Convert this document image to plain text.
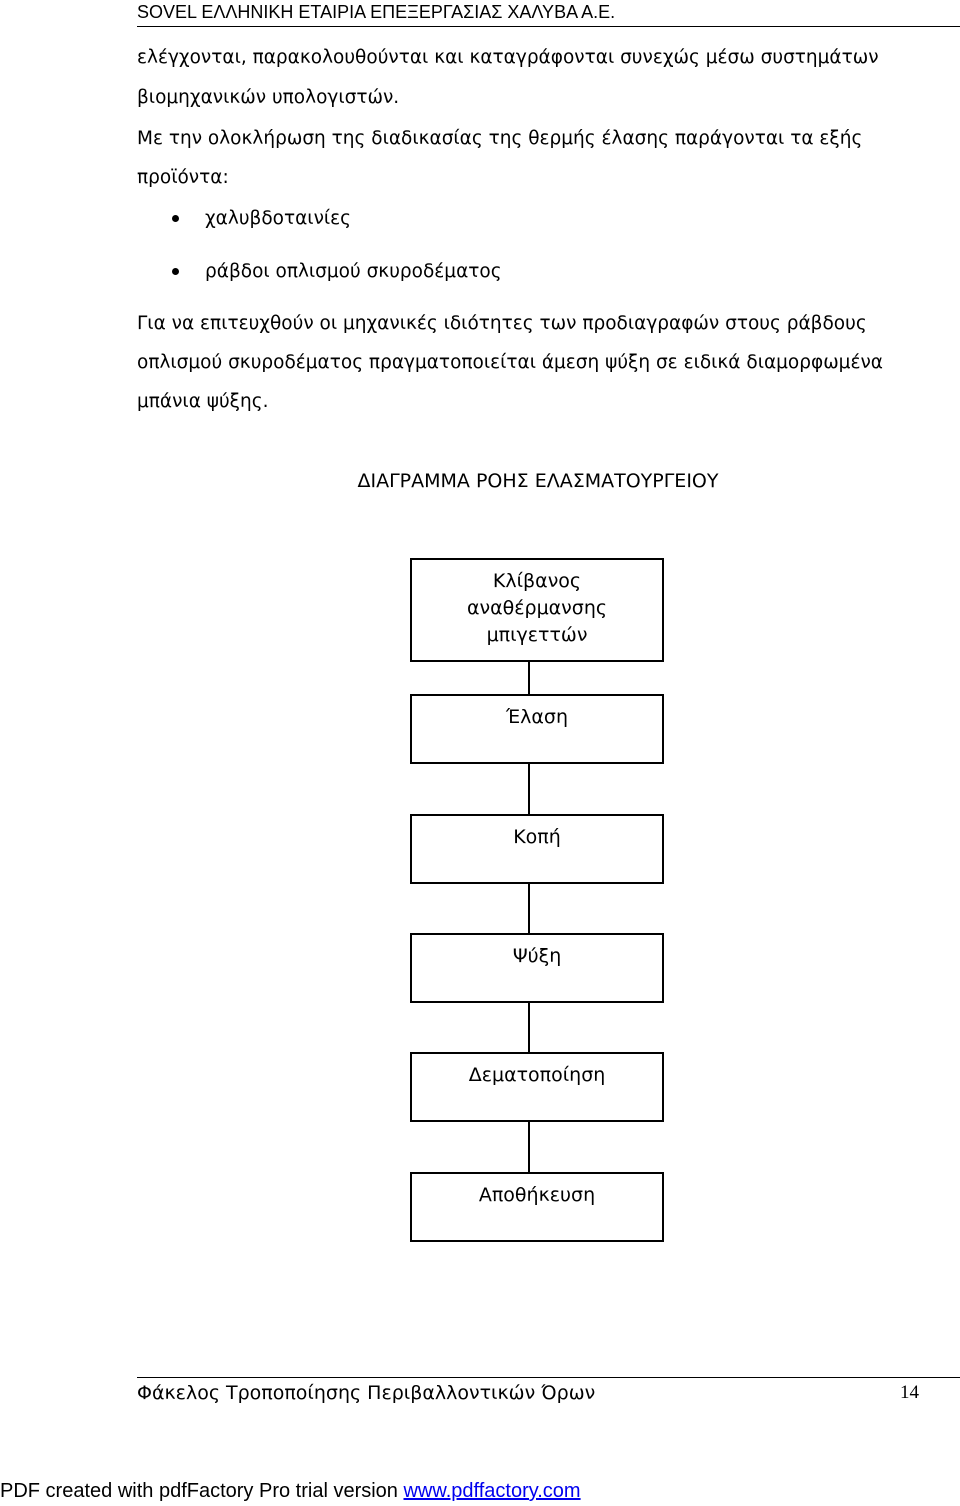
SOVEL ΕΛΛΗΝΙΚΗ ΕΤΑΙΡΙΑ ΕΠΕΞΕΡΓΑΣΙΑΣ ΧΑΛΥΒΑ Α.Ε.
ελέγχονται, παρακολουθούνται και καταγράφονται συνεχώς μέσω συστημάτων
βιομηχανικών υπολογιστών.
Με την ολοκλήρωση της διαδικασίας της θερμής έλασης παράγονται τα εξής
προϊόντα:
χαλυβδοταινίες
ράβδοι οπλισμού σκυροδέματος
Για να επιτευχθούν οι μηχανικές ιδιότητες των προδιαγραφών στους ράβδους
οπλισμού σκυροδέματος πραγματοποιείται άμεση ψύξη σε ειδικά διαμορφωμένα
μπάνια ψύξης.
ΔΙΑΓΡΑΜΜΑ ΡΟΗΣ ΕΛΑΣΜΑΤΟΥΡΓΕΙΟΥ
Κλίβανος
αναθέρμανσης
μπιγεττών
Έλαση
Κοπή
Ψύξη
Δεματοποίηση
Αποθήκευση
Φάκελος Τροποποίησης Περιβαλλοντικών Όρων	14
PDF created with pdfFactory Pro trial version www.pdffactory.com
